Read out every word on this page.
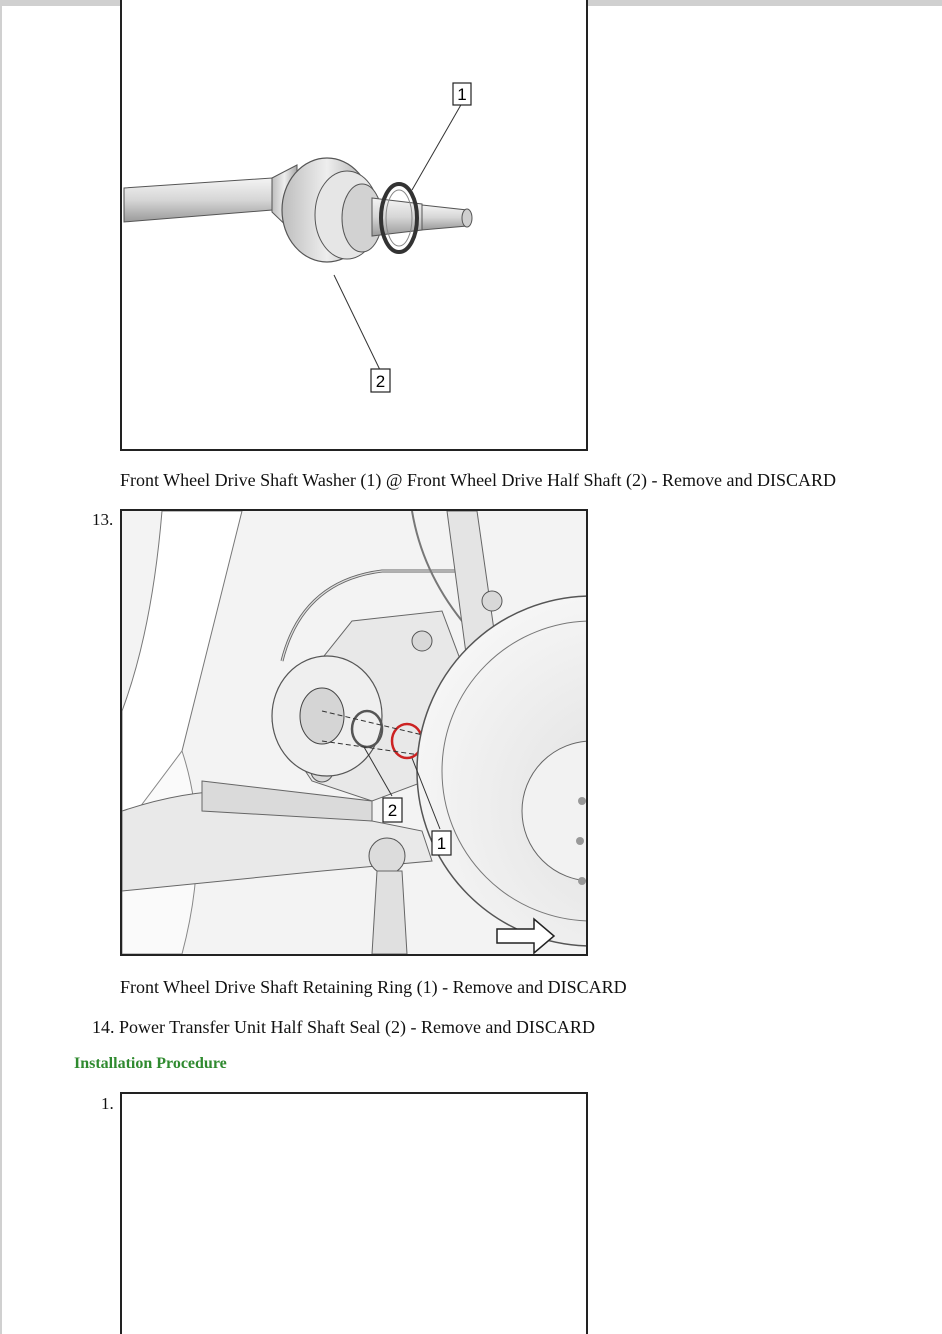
1
2
Front Wheel Drive Shaft Washer (1) @ Front Wheel Drive Half Shaft (2) - Remove and DISCARD
13.
2
1
Front Wheel Drive Shaft Retaining Ring (1) - Remove and DISCARD
14. Power Transfer Unit Half Shaft Seal (2) - Remove and DISCARD
Installation Procedure
1.
